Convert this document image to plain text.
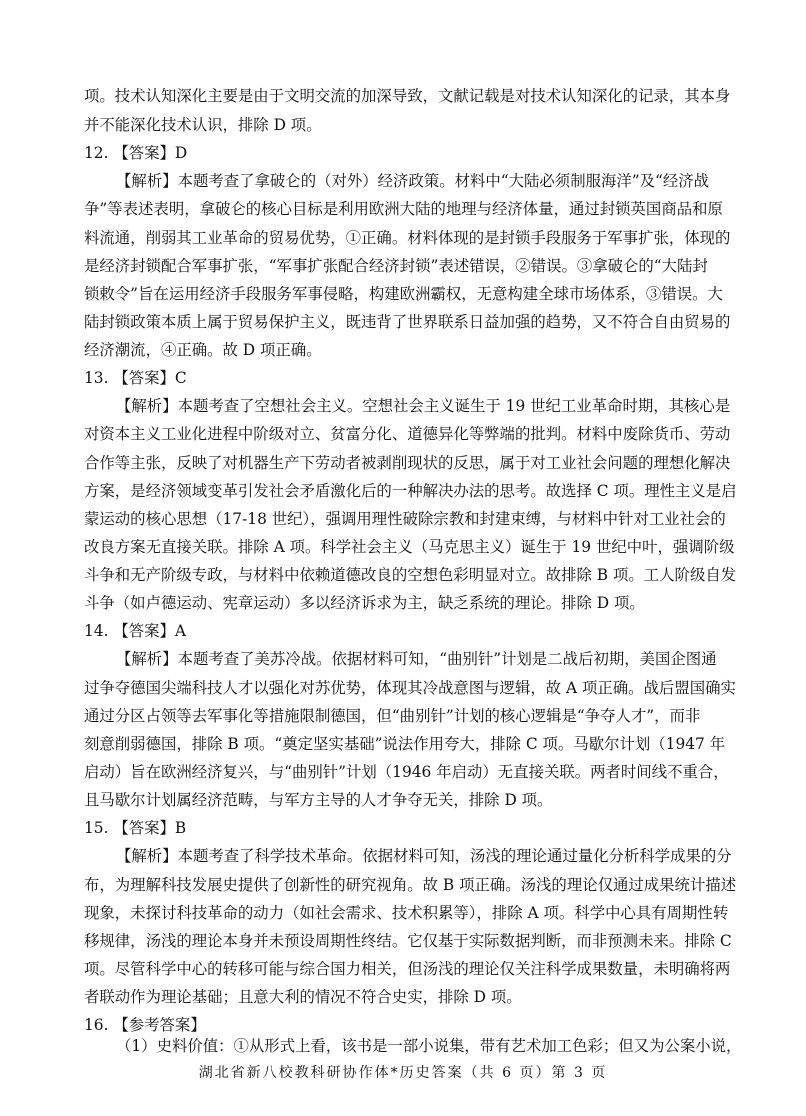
项。技术认知深化主要是由于文明交流的加深导致，文献记载是对技术认知深化的记录，其本身
并不能深化技术认识，排除 D 项。
12. 【答案】D
【解析】本题考查了拿破仑的（对外）经济政策。材料中“大陆必须制服海洋”及“经济战
争”等表述表明，拿破仑的核心目标是利用欧洲大陆的地理与经济体量，通过封锁英国商品和原
料流通，削弱其工业革命的贸易优势，①正确。材料体现的是封锁手段服务于军事扩张，体现的
是经济封锁配合军事扩张，“军事扩张配合经济封锁”表述错误，②错误。③拿破仑的“大陆封
锁敕令”旨在运用经济手段服务军事侵略，构建欧洲霸权，无意构建全球市场体系，③错误。大
陆封锁政策本质上属于贸易保护主义，既违背了世界联系日益加强的趋势，又不符合自由贸易的
经济潮流，④正确。故 D 项正确。
13. 【答案】C
【解析】本题考查了空想社会主义。空想社会主义诞生于 19 世纪工业革命时期，其核心是
对资本主义工业化进程中阶级对立、贫富分化、道德异化等弊端的批判。材料中废除货币、劳动
合作等主张，反映了对机器生产下劳动者被剥削现状的反思，属于对工业社会问题的理想化解决
方案，是经济领域变革引发社会矛盾激化后的一种解决办法的思考。故选择 C 项。理性主义是启
蒙运动的核心思想（17-18 世纪），强调用理性破除宗教和封建束缚，与材料中针对工业社会的
改良方案无直接关联。排除 A 项。科学社会主义（马克思主义）诞生于 19 世纪中叶，强调阶级
斗争和无产阶级专政，与材料中依赖道德改良的空想色彩明显对立。故排除 B 项。工人阶级自发
斗争（如卢德运动、宪章运动）多以经济诉求为主，缺乏系统的理论。排除 D 项。
14. 【答案】A
【解析】本题考查了美苏冷战。依据材料可知，“曲别针”计划是二战后初期，美国企图通
过争夺德国尖端科技人才以强化对苏优势，体现其冷战意图与逻辑，故 A 项正确。战后盟国确实
通过分区占领等去军事化等措施限制德国，但“曲别针”计划的核心逻辑是“争夺人才”，而非
刻意削弱德国，排除 B 项。“奠定坚实基础”说法作用夸大，排除 C 项。马歇尔计划（1947 年
启动）旨在欧洲经济复兴，与“曲别针”计划（1946 年启动）无直接关联。两者时间线不重合，
且马歇尔计划属经济范畴，与军方主导的人才争夺无关，排除 D 项。
15. 【答案】B
【解析】本题考查了科学技术革命。依据材料可知，汤浅的理论通过量化分析科学成果的分
布，为理解科技发展史提供了创新性的研究视角。故 B 项正确。汤浅的理论仅通过成果统计描述
现象，未探讨科技革命的动力（如社会需求、技术积累等），排除 A 项。科学中心具有周期性转
移规律，汤浅的理论本身并未预设周期性终结。它仅基于实际数据判断，而非预测未来。排除 C
项。尽管科学中心的转移可能与综合国力相关，但汤浅的理论仅关注科学成果数量，未明确将两
者联动作为理论基础；且意大利的情况不符合史实，排除 D 项。
16. 【参考答案】
（1）史料价值：①从形式上看，该书是一部小说集，带有艺术加工色彩；但又为公案小说，
湖北省新八校教科研协作体*历史答案（共 6 页）第 3 页
